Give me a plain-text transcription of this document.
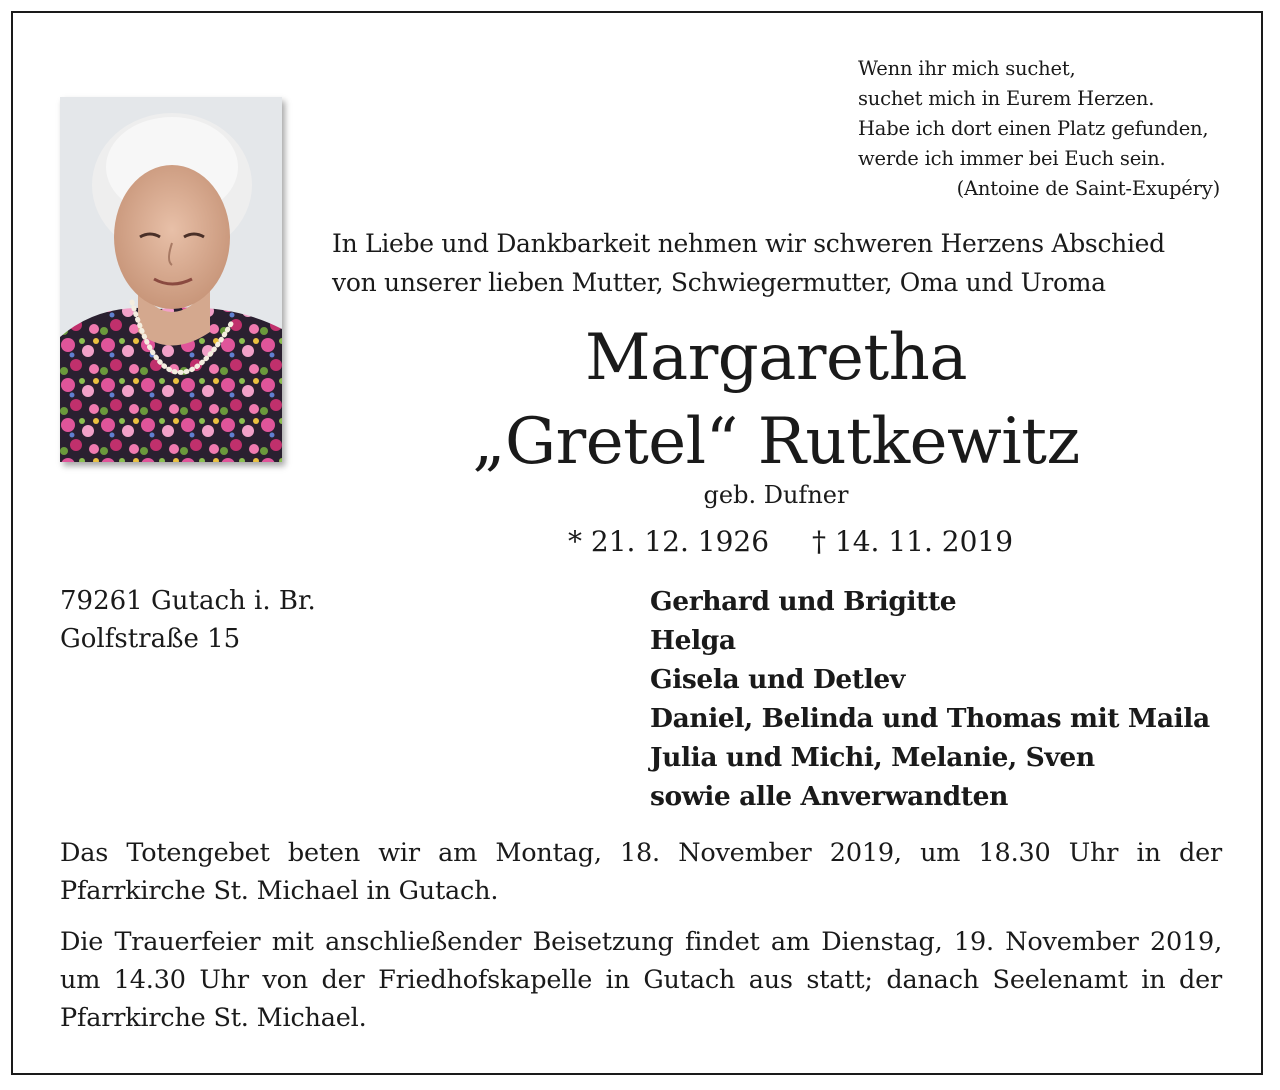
Wenn ihr mich suchet,
suchet mich in Eurem Herzen.
Habe ich dort einen Platz gefunden,
werde ich immer bei Euch sein.
(Antoine de Saint-Exupéry)
In Liebe und Dankbarkeit nehmen wir schweren Herzens Abschied
von unserer lieben Mutter, Schwiegermutter, Oma und Uroma
Margaretha
„Gretel“ Rutkewitz
geb. Dufner
* 21. 12. 1926 † 14. 11. 2019
79261 Gutach i. Br.
Golfstraße 15
Gerhard und Brigitte
Helga
Gisela und Detlev
Daniel, Belinda und Thomas mit Maila
Julia und Michi, Melanie, Sven
sowie alle Anverwandten
Das Totengebet beten wir am Montag, 18. November 2019, um 18.30 Uhr in der Pfarrkirche St. Michael in Gutach.
Die Trauerfeier mit anschließender Beisetzung findet am Dienstag, 19. November 2019, um 14.30 Uhr von der Friedhofskapelle in Gutach aus statt; danach Seelenamt in der Pfarrkirche St. Michael.
